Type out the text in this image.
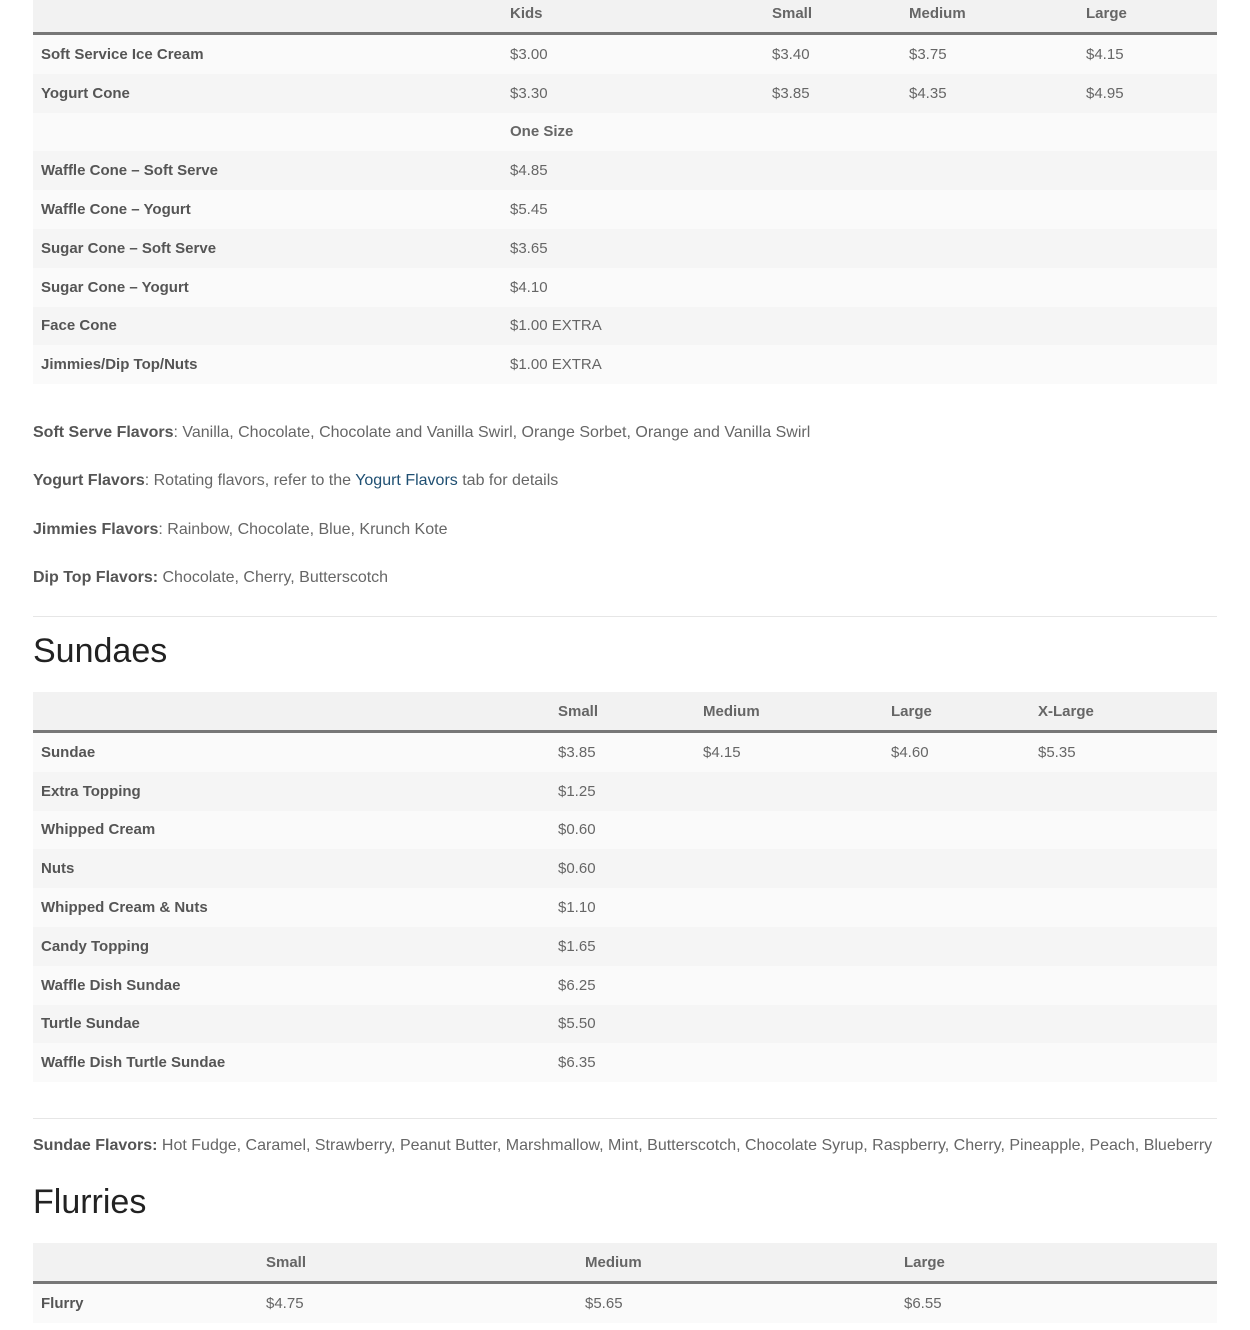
	Kids	Small	Medium	Large
Soft Service Ice Cream	$3.00	$3.40	$3.75	$4.15
Yogurt Cone	$3.30	$3.85	$4.35	$4.95
	One Size			
Waffle Cone – Soft Serve	$4.85			
Waffle Cone – Yogurt	$5.45			
Sugar Cone – Soft Serve	$3.65			
Sugar Cone – Yogurt	$4.10			
Face Cone	$1.00 EXTRA			
Jimmies/Dip Top/Nuts	$1.00 EXTRA			

Soft Serve Flavors: Vanilla, Chocolate, Chocolate and Vanilla Swirl, Orange Sorbet, Orange and Vanilla Swirl

Yogurt Flavors: Rotating flavors, refer to the Yogurt Flavors tab for details

Jimmies Flavors: Rainbow, Chocolate, Blue, Krunch Kote

Dip Top Flavors: Chocolate, Cherry, Butterscotch

Sundaes
	Small	Medium	Large	X-Large
Sundae	$3.85	$4.15	$4.60	$5.35
Extra Topping	$1.25			
Whipped Cream	$0.60			
Nuts	$0.60			
Whipped Cream & Nuts	$1.10			
Candy Topping	$1.65			
Waffle Dish Sundae	$6.25			
Turtle Sundae	$5.50			
Waffle Dish Turtle Sundae	$6.35			

Sundae Flavors: Hot Fudge, Caramel, Strawberry, Peanut Butter, Marshmallow, Mint, Butterscotch, Chocolate Syrup, Raspberry, Cherry, Pineapple, Peach, Blueberry

Flurries
	Small	Medium	Large
Flurry	$4.75	$5.65	$6.55
